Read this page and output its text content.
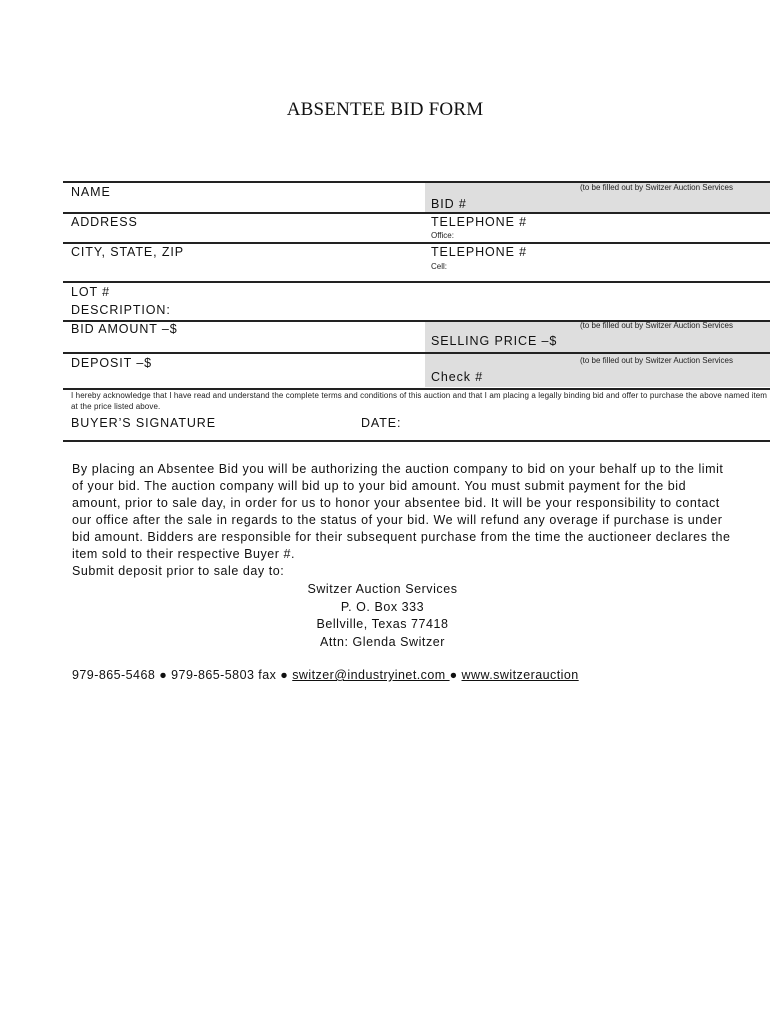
ABSENTEE BID FORM
NAME	(to be filled out by Switzer Auction Services
BID #
ADDRESS	TELEPHONE #
Office:
CITY, STATE, ZIP	TELEPHONE #
Cell:
LOT #
DESCRIPTION:
BID AMOUNT –$	(to be filled out by Switzer Auction Services
SELLING PRICE –$
DEPOSIT –$	(to be filled out by Switzer Auction Services
Check #
I hereby acknowledge that I have read and understand the complete terms and conditions of this auction and that I am placing a legally binding bid and offer to purchase the above named item at the price listed above.
BUYER’S SIGNATURE	DATE:
By placing an Absentee Bid you will be authorizing the auction company to bid on your behalf up to the limit of your bid. The auction company will bid up to your bid amount. You must submit payment for the bid amount, prior to sale day, in order for us to honor your absentee bid. It will be your responsibility to contact our office after the sale in regards to the status of your bid. We will refund any overage if purchase is under bid amount. Bidders are responsible for their subsequent purchase from the time the auctioneer declares the item sold to their respective Buyer #.
Submit deposit prior to sale day to:
Switzer Auction Services
P. O. Box 333
Bellville, Texas 77418
Attn: Glenda Switzer
979-865-5468 ● 979-865-5803 fax ● switzer@industryinet.com ● www.switzerauction
